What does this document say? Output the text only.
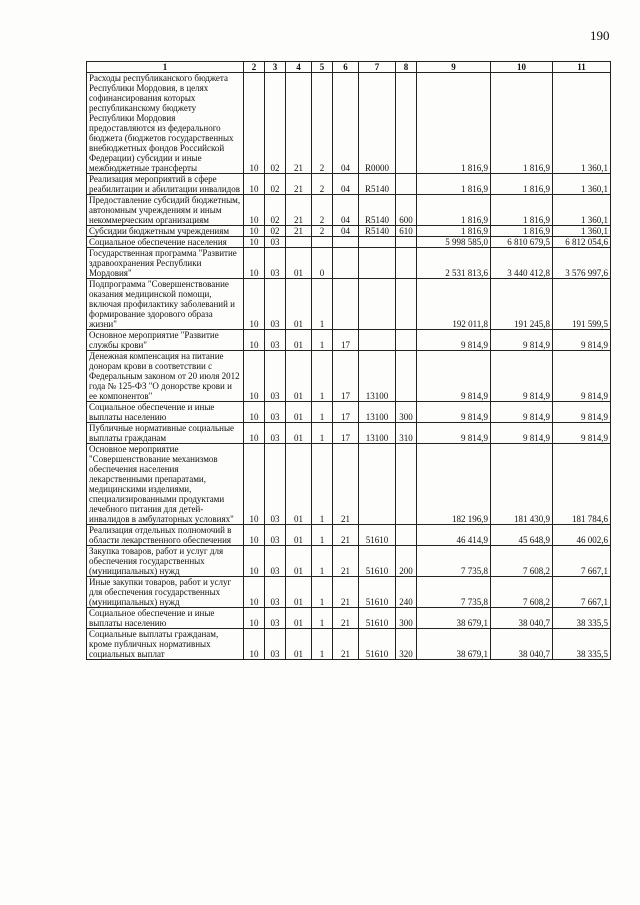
190
1	2	3	4	5	6	7	8	9	10	11
Расходы республиканского бюджета Республики Мордовия, в целях софинансирования которых республиканскому бюджету Республики Мордовия предоставляются из федерального бюджета (бюджетов государственных внебюджетных фондов Российской Федерации) субсидии и иные межбюджетные трансферты	10	02	21	2	04	R0000		1 816,9	1 816,9	1 360,1
Реализация мероприятий в сфере реабилитации и абилитации инвалидов	10	02	21	2	04	R5140		1 816,9	1 816,9	1 360,1
Предоставление субсидий бюджетным, автономным учреждениям и иным некоммерческим организациям	10	02	21	2	04	R5140	600	1 816,9	1 816,9	1 360,1
Субсидии бюджетным учреждениям	10	02	21	2	04	R5140	610	1 816,9	1 816,9	1 360,1
Социальное обеспечение населения	10	03						5 998 585,0	6 810 679,5	6 812 054,6
Государственная программа "Развитие здравоохранения Республики Мордовия"	10	03	01	0				2 531 813,6	3 440 412,8	3 576 997,6
Подпрограмма "Совершенствование оказания медицинской помощи, включая профилактику заболеваний и формирование здорового образа жизни"	10	03	01	1				192 011,8	191 245,8	191 599,5
Основное мероприятие "Развитие службы крови"	10	03	01	1	17			9 814,9	9 814,9	9 814,9
Денежная компенсация на питание донорам крови в соответствии с Федеральным законом от 20 июля 2012 года № 125-ФЗ "О донорстве крови и ее компонентов"	10	03	01	1	17	13100		9 814,9	9 814,9	9 814,9
Социальное обеспечение и иные выплаты населению	10	03	01	1	17	13100	300	9 814,9	9 814,9	9 814,9
Публичные нормативные социальные выплаты гражданам	10	03	01	1	17	13100	310	9 814,9	9 814,9	9 814,9
Основное мероприятие "Совершенствование механизмов обеспечения населения лекарственными препаратами, медицинскими изделиями, специализированными продуктами лечебного питания для детей-инвалидов в амбулаторных условиях"	10	03	01	1	21			182 196,9	181 430,9	181 784,6
Реализация отдельных полномочий в области лекарственного обеспечения	10	03	01	1	21	51610		46 414,9	45 648,9	46 002,6
Закупка товаров, работ и услуг для обеспечения государственных (муниципальных) нужд	10	03	01	1	21	51610	200	7 735,8	7 608,2	7 667,1
Иные закупки товаров, работ и услуг для обеспечения государственных (муниципальных) нужд	10	03	01	1	21	51610	240	7 735,8	7 608,2	7 667,1
Социальное обеспечение и иные выплаты населению	10	03	01	1	21	51610	300	38 679,1	38 040,7	38 335,5
Социальные выплаты гражданам, кроме публичных нормативных социальных выплат	10	03	01	1	21	51610	320	38 679,1	38 040,7	38 335,5
